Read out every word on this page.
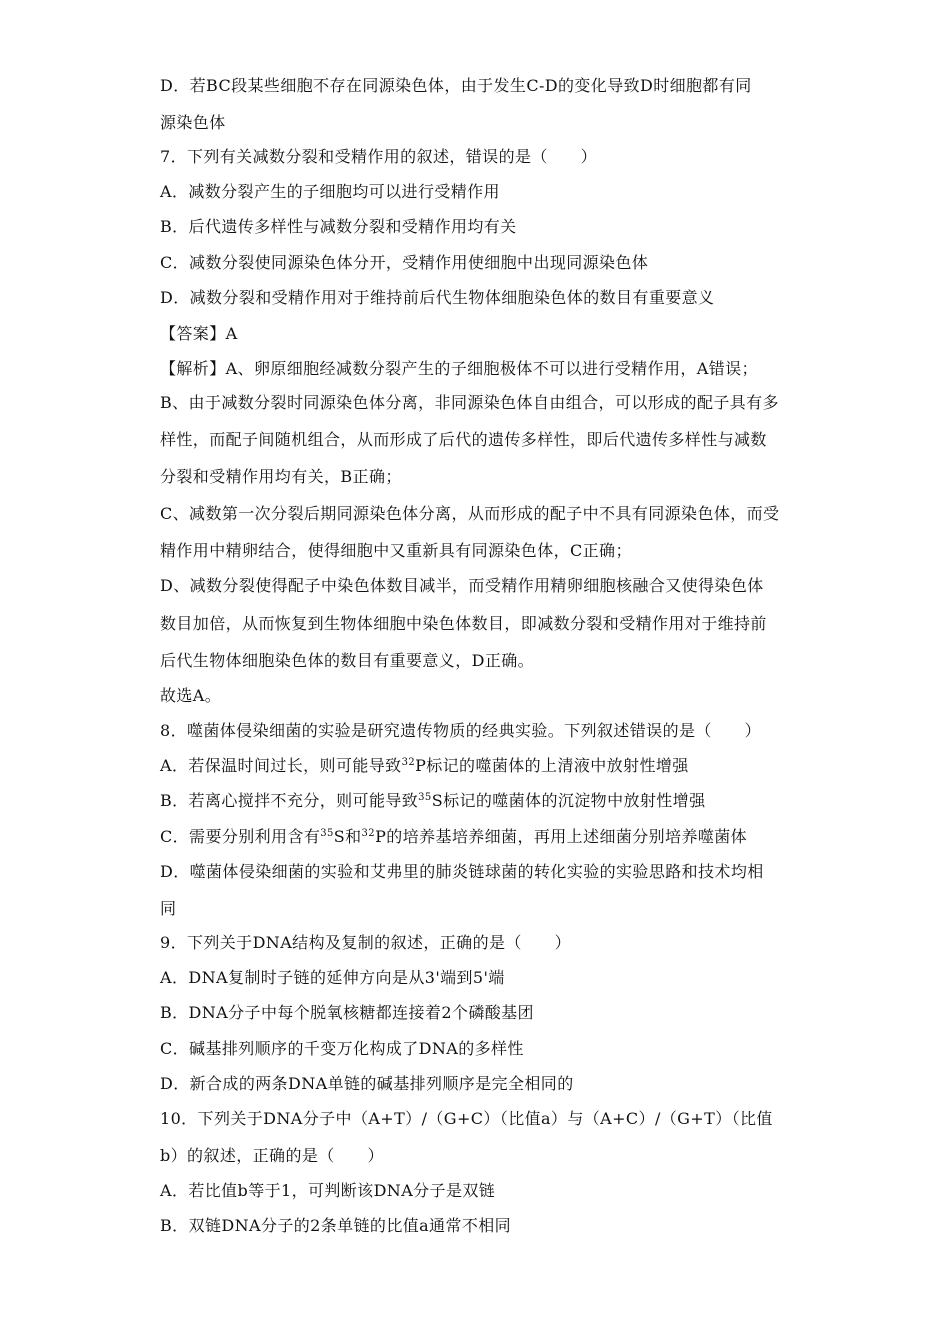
D．若BC段某些细胞不存在同源染色体，由于发生C-D的变化导致D时细胞都有同
源染色体
7．下列有关减数分裂和受精作用的叙述，错误的是（　　）
A．减数分裂产生的子细胞均可以进行受精作用
B．后代遗传多样性与减数分裂和受精作用均有关
C．减数分裂使同源染色体分开，受精作用使细胞中出现同源染色体
D．减数分裂和受精作用对于维持前后代生物体细胞染色体的数目有重要意义
【答案】A
【解析】A、卵原细胞经减数分裂产生的子细胞极体不可以进行受精作用，A错误；
B、由于减数分裂时同源染色体分离，非同源染色体自由组合，可以形成的配子具有多
样性，而配子间随机组合，从而形成了后代的遗传多样性，即后代遗传多样性与减数
分裂和受精作用均有关，B正确；
C、减数第一次分裂后期同源染色体分离，从而形成的配子中不具有同源染色体，而受
精作用中精卵结合，使得细胞中又重新具有同源染色体，C正确；
D、减数分裂使得配子中染色体数目减半，而受精作用精卵细胞核融合又使得染色体
数目加倍，从而恢复到生物体细胞中染色体数目，即减数分裂和受精作用对于维持前
后代生物体细胞染色体的数目有重要意义，D正确。
故选A。
8．噬菌体侵染细菌的实验是研究遗传物质的经典实验。下列叙述错误的是（　　）
A．若保温时间过长，则可能导致$^{32}$P标记的噬菌体的上清液中放射性增强
B．若离心搅拌不充分，则可能导致$^{35}$S标记的噬菌体的沉淀物中放射性增强
C．需要分别利用含有$^{35}$S和$^{32}$P的培养基培养细菌，再用上述细菌分别培养噬菌体
D．噬菌体侵染细菌的实验和艾弗里的肺炎链球菌的转化实验的实验思路和技术均相
同
9．下列关于DNA结构及复制的叙述，正确的是（　　）
A．DNA复制时子链的延伸方向是从3'端到5'端
B．DNA分子中每个脱氧核糖都连接着2个磷酸基团
C．碱基排列顺序的千变万化构成了DNA的多样性
D．新合成的两条DNA单链的碱基排列顺序是完全相同的
10．下列关于DNA分子中（A+T）/（G+C）（比值a）与（A+C）/（G+T）（比值
b）的叙述，正确的是（　　）
A．若比值b等于1，可判断该DNA分子是双链
B．双链DNA分子的2条单链的比值a通常不相同
